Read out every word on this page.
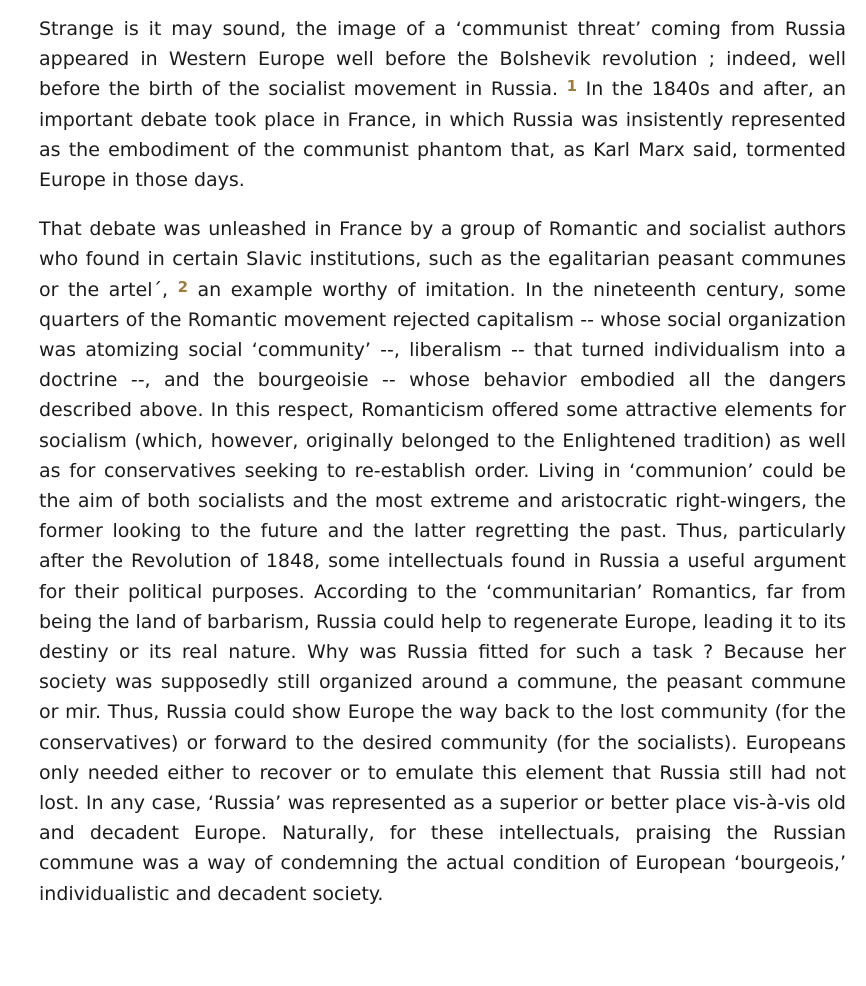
Strange is it may sound, the image of a ‘communist threat’ coming from Russia appeared in Western Europe well before the Bolshevik revolution ; indeed, well before the birth of the socialist movement in Russia. $^1$ In the 1840s and after, an important debate took place in France, in which Russia was insistently represented as the embodiment of the communist phantom that, as Karl Marx said, tormented Europe in those days.

That debate was unleashed in France by a group of Romantic and socialist authors who found in certain Slavic institutions, such as the egalitarian peasant communes or the artel´, $^2$ an example worthy of imitation. In the nineteenth century, some quarters of the Romantic movement rejected capitalism -- whose social organization was atomizing social ‘community’ --, liberalism -- that turned individualism into a doctrine --, and the bourgeoisie -- whose behavior embodied all the dangers described above. In this respect, Romanticism offered some attractive elements for socialism (which, however, originally belonged to the Enlightened tradition) as well as for conservatives seeking to re-establish order. Living in ‘communion’ could be the aim of both socialists and the most extreme and aristocratic right-wingers, the former looking to the future and the latter regretting the past. Thus, particularly after the Revolution of 1848, some intellectuals found in Russia a useful argument for their political purposes. According to the ‘communitarian’ Romantics, far from being the land of barbarism, Russia could help to regenerate Europe, leading it to its destiny or its real nature. Why was Russia fitted for such a task ? Because her society was supposedly still organized around a commune, the peasant commune or mir. Thus, Russia could show Europe the way back to the lost community (for the conservatives) or forward to the desired community (for the socialists). Europeans only needed either to recover or to emulate this element that Russia still had not lost. In any case, ‘Russia’ was represented as a superior or better place vis-à-vis old and decadent Europe. Naturally, for these intellectuals, praising the Russian commune was a way of condemning the actual condition of European ‘bourgeois,’ individualistic and decadent society.
